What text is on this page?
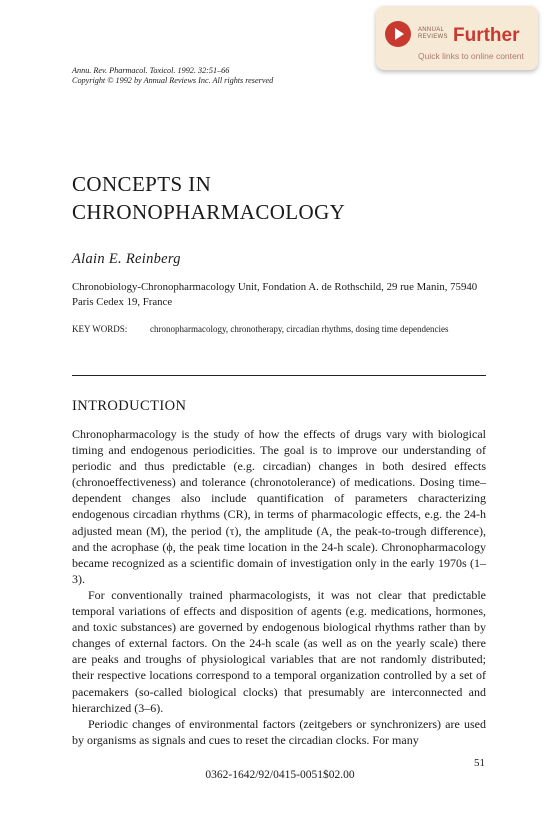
ANNUAL
REVIEWS Further
Quick links to online content
Annu. Rev. Pharmacol. Toxicol. 1992. 32:51–66
Copyright © 1992 by Annual Reviews Inc. All rights reserved
CONCEPTS IN
CHRONOPHARMACOLOGY
Alain E. Reinberg
Chronobiology-Chronopharmacology Unit, Fondation A. de Rothschild, 29 rue Manin, 75940 Paris Cedex 19, France
KEY WORDS:	chronopharmacology, chronotherapy, circadian rhythms, dosing time dependencies
INTRODUCTION

Chronopharmacology is the study of how the effects of drugs vary with biological timing and endogenous periodicities. The goal is to improve our understanding of periodic and thus predictable (e.g. circadian) changes in both desired effects (chronoeffectiveness) and tolerance (chronotolerance) of medications. Dosing time–dependent changes also include quantification of parameters characterizing endogenous circadian rhythms (CR), in terms of pharmacologic effects, e.g. the 24-h adjusted mean (M), the period (τ), the amplitude (A, the peak-to-trough difference), and the acrophase (ϕ, the peak time location in the 24-h scale). Chronopharmacology became recognized as a scientific domain of investigation only in the early 1970s (1–3).

For conventionally trained pharmacologists, it was not clear that predictable temporal variations of effects and disposition of agents (e.g. medications, hormones, and toxic substances) are governed by endogenous biological rhythms rather than by changes of external factors. On the 24-h scale (as well as on the yearly scale) there are peaks and troughs of physiological variables that are not randomly distributed; their respective locations correspond to a temporal organization controlled by a set of pacemakers (so-called biological clocks) that presumably are interconnected and hierarchized (3–6).

Periodic changes of environmental factors (zeitgebers or synchronizers) are used by organisms as signals and cues to reset the circadian clocks. For many

51
0362-1642/92/0415-0051$02.00
